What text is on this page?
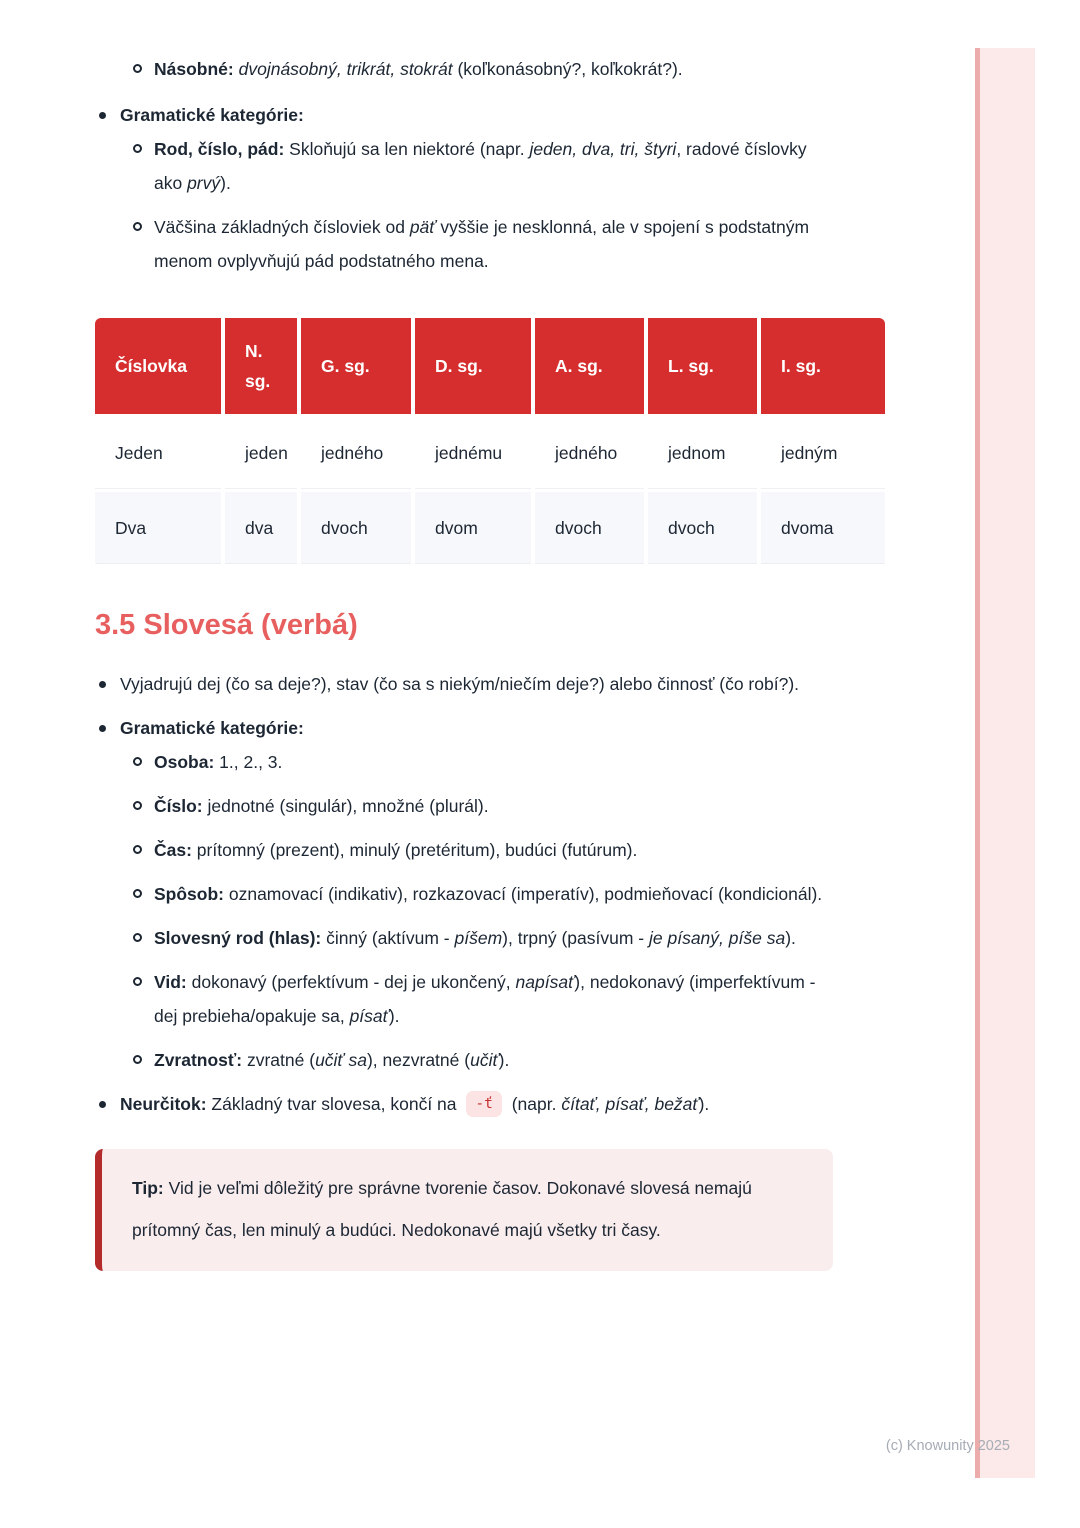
Násobné: dvojnásobný, trikrát, stokrát (koľkonásobný?, koľkokrát?).
Gramatické kategórie:
Rod, číslo, pád: Skloňujú sa len niektoré (napr. jeden, dva, tri, štyri, radové číslovky ako prvý).
Väčšina základných čísloviek od päť vyššie je nesklonná, ale v spojení s podstatným menom ovplyvňujú pád podstatného mena.
Číslovka	N. sg.	G. sg.	D. sg.	A. sg.	L. sg.	I. sg.
Jeden	jeden	jedného	jednému	jedného	jednom	jedným
Dva	dva	dvoch	dvom	dvoch	dvoch	dvoma
3.5 Slovesá (verbá)
Vyjadrujú dej (čo sa deje?), stav (čo sa s niekým/niečím deje?) alebo činnosť (čo robí?).
Gramatické kategórie:
Osoba: 1., 2., 3.
Číslo: jednotné (singulár), množné (plurál).
Čas: prítomný (prezent), minulý (pretéritum), budúci (futúrum).
Spôsob: oznamovací (indikativ), rozkazovací (imperatív), podmieňovací (kondicionál).
Slovesný rod (hlas): činný (aktívum - píšem), trpný (pasívum - je písaný, píše sa).
Vid: dokonavý (perfektívum - dej je ukončený, napísať), nedokonavý (imperfektívum - dej prebieha/opakuje sa, písať).
Zvratnosť: zvratné (učiť sa), nezvratné (učiť).
Neurčitok: Základný tvar slovesa, končí na -ť (napr. čítať, písať, bežať).
Tip: Vid je veľmi dôležitý pre správne tvorenie časov. Dokonavé slovesá nemajú prítomný čas, len minulý a budúci. Nedokonavé majú všetky tri časy.
(c) Knowunity 2025
